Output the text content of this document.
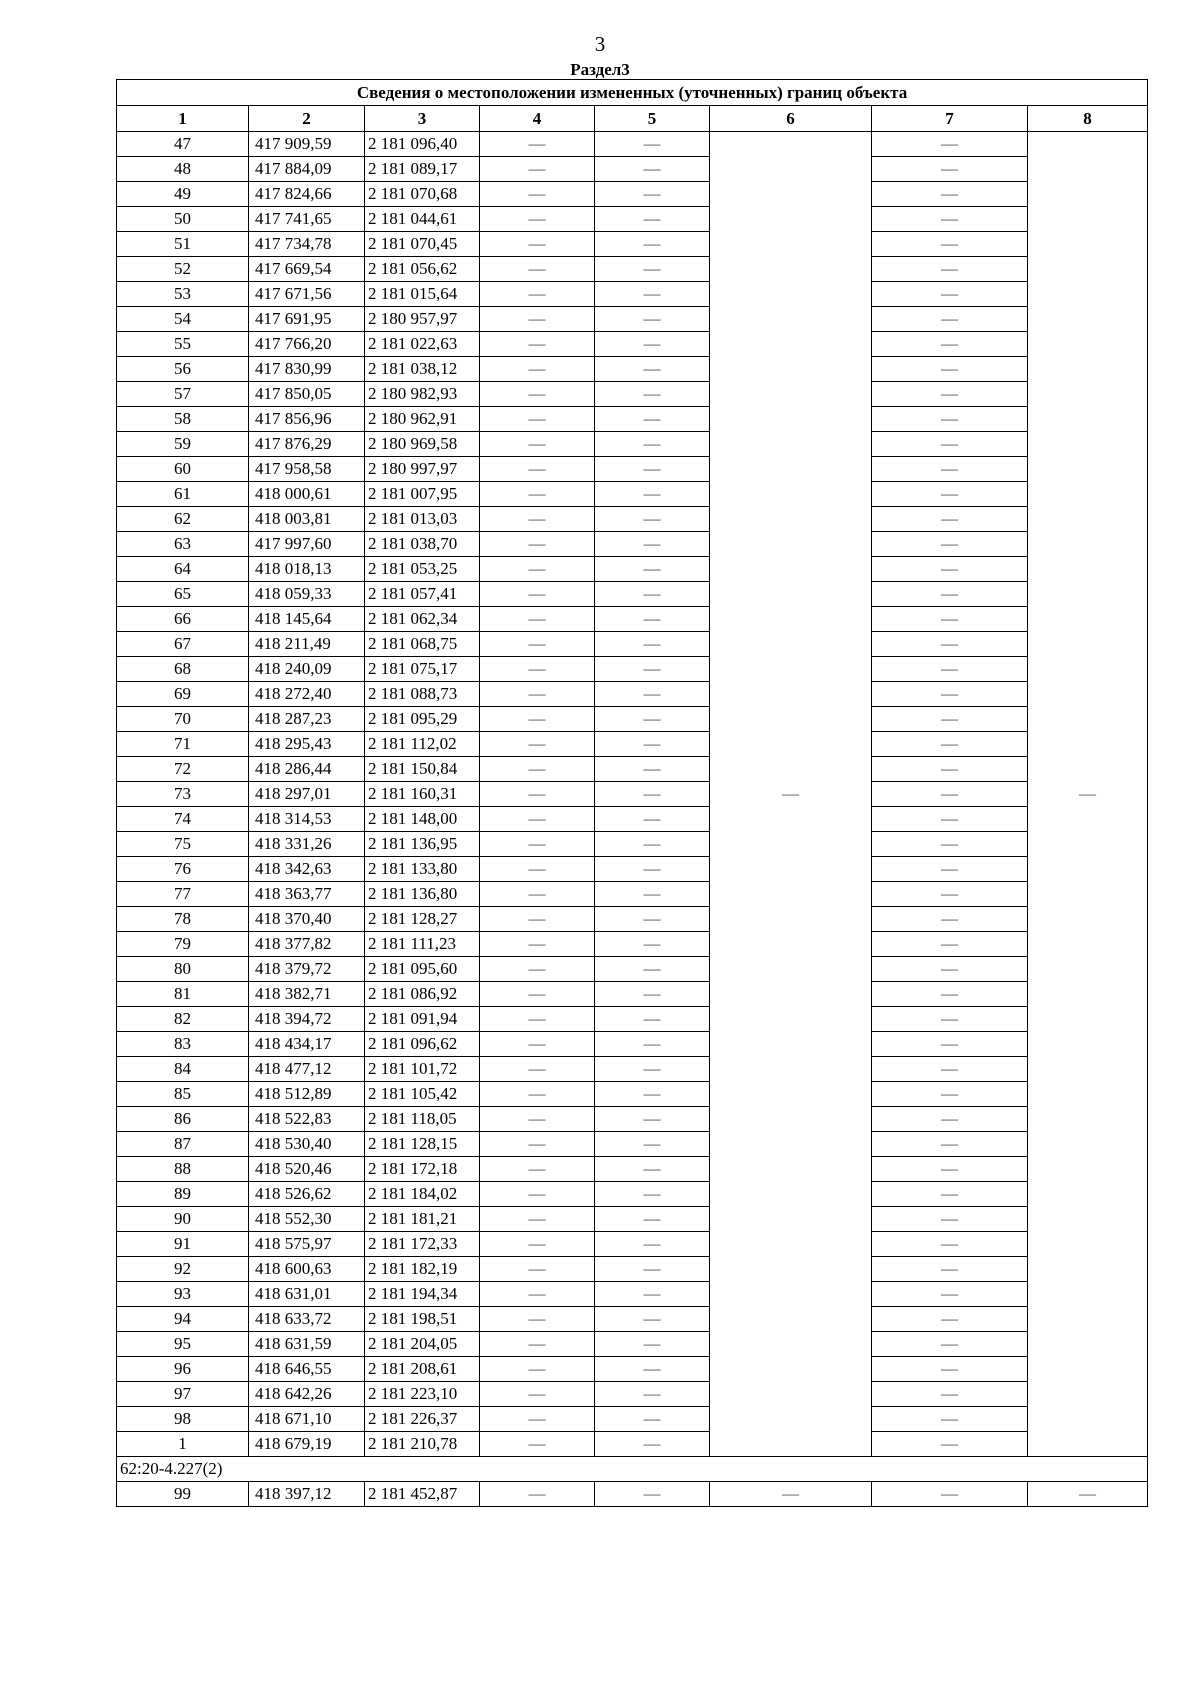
3
Раздел3
Сведения о местоположении измененных (уточненных) границ объекта							
1	2	3	4	5	6	7	8
47	417 909,59	2 181 096,40	—	—	—	—	—
48	417 884,09	2 181 089,17	—	—		—	
49	417 824,66	2 181 070,68	—	—		—	
50	417 741,65	2 181 044,61	—	—		—	
51	417 734,78	2 181 070,45	—	—		—	
52	417 669,54	2 181 056,62	—	—		—	
53	417 671,56	2 181 015,64	—	—		—	
54	417 691,95	2 180 957,97	—	—		—	
55	417 766,20	2 181 022,63	—	—		—	
56	417 830,99	2 181 038,12	—	—		—	
57	417 850,05	2 180 982,93	—	—		—	
58	417 856,96	2 180 962,91	—	—		—	
59	417 876,29	2 180 969,58	—	—		—	
60	417 958,58	2 180 997,97	—	—		—	
61	418 000,61	2 181 007,95	—	—		—	
62	418 003,81	2 181 013,03	—	—		—	
63	417 997,60	2 181 038,70	—	—		—	
64	418 018,13	2 181 053,25	—	—		—	
65	418 059,33	2 181 057,41	—	—		—	
66	418 145,64	2 181 062,34	—	—		—	
67	418 211,49	2 181 068,75	—	—		—	
68	418 240,09	2 181 075,17	—	—		—	
69	418 272,40	2 181 088,73	—	—		—	
70	418 287,23	2 181 095,29	—	—		—	
71	418 295,43	2 181 112,02	—	—		—	
72	418 286,44	2 181 150,84	—	—		—	
73	418 297,01	2 181 160,31	—	—		—	
74	418 314,53	2 181 148,00	—	—		—	
75	418 331,26	2 181 136,95	—	—		—	
76	418 342,63	2 181 133,80	—	—		—	
77	418 363,77	2 181 136,80	—	—		—	
78	418 370,40	2 181 128,27	—	—		—	
79	418 377,82	2 181 111,23	—	—		—	
80	418 379,72	2 181 095,60	—	—		—	
81	418 382,71	2 181 086,92	—	—		—	
82	418 394,72	2 181 091,94	—	—		—	
83	418 434,17	2 181 096,62	—	—		—	
84	418 477,12	2 181 101,72	—	—		—	
85	418 512,89	2 181 105,42	—	—		—	
86	418 522,83	2 181 118,05	—	—		—	
87	418 530,40	2 181 128,15	—	—		—	
88	418 520,46	2 181 172,18	—	—		—	
89	418 526,62	2 181 184,02	—	—		—	
90	418 552,30	2 181 181,21	—	—		—	
91	418 575,97	2 181 172,33	—	—		—	
92	418 600,63	2 181 182,19	—	—		—	
93	418 631,01	2 181 194,34	—	—		—	
94	418 633,72	2 181 198,51	—	—		—	
95	418 631,59	2 181 204,05	—	—		—	
96	418 646,55	2 181 208,61	—	—		—	
97	418 642,26	2 181 223,10	—	—		—	
98	418 671,10	2 181 226,37	—	—		—	
1	418 679,19	2 181 210,78	—	—		—	
62:20-4.227(2)							
99	418 397,12	2 181 452,87	—	—	—	—	—
